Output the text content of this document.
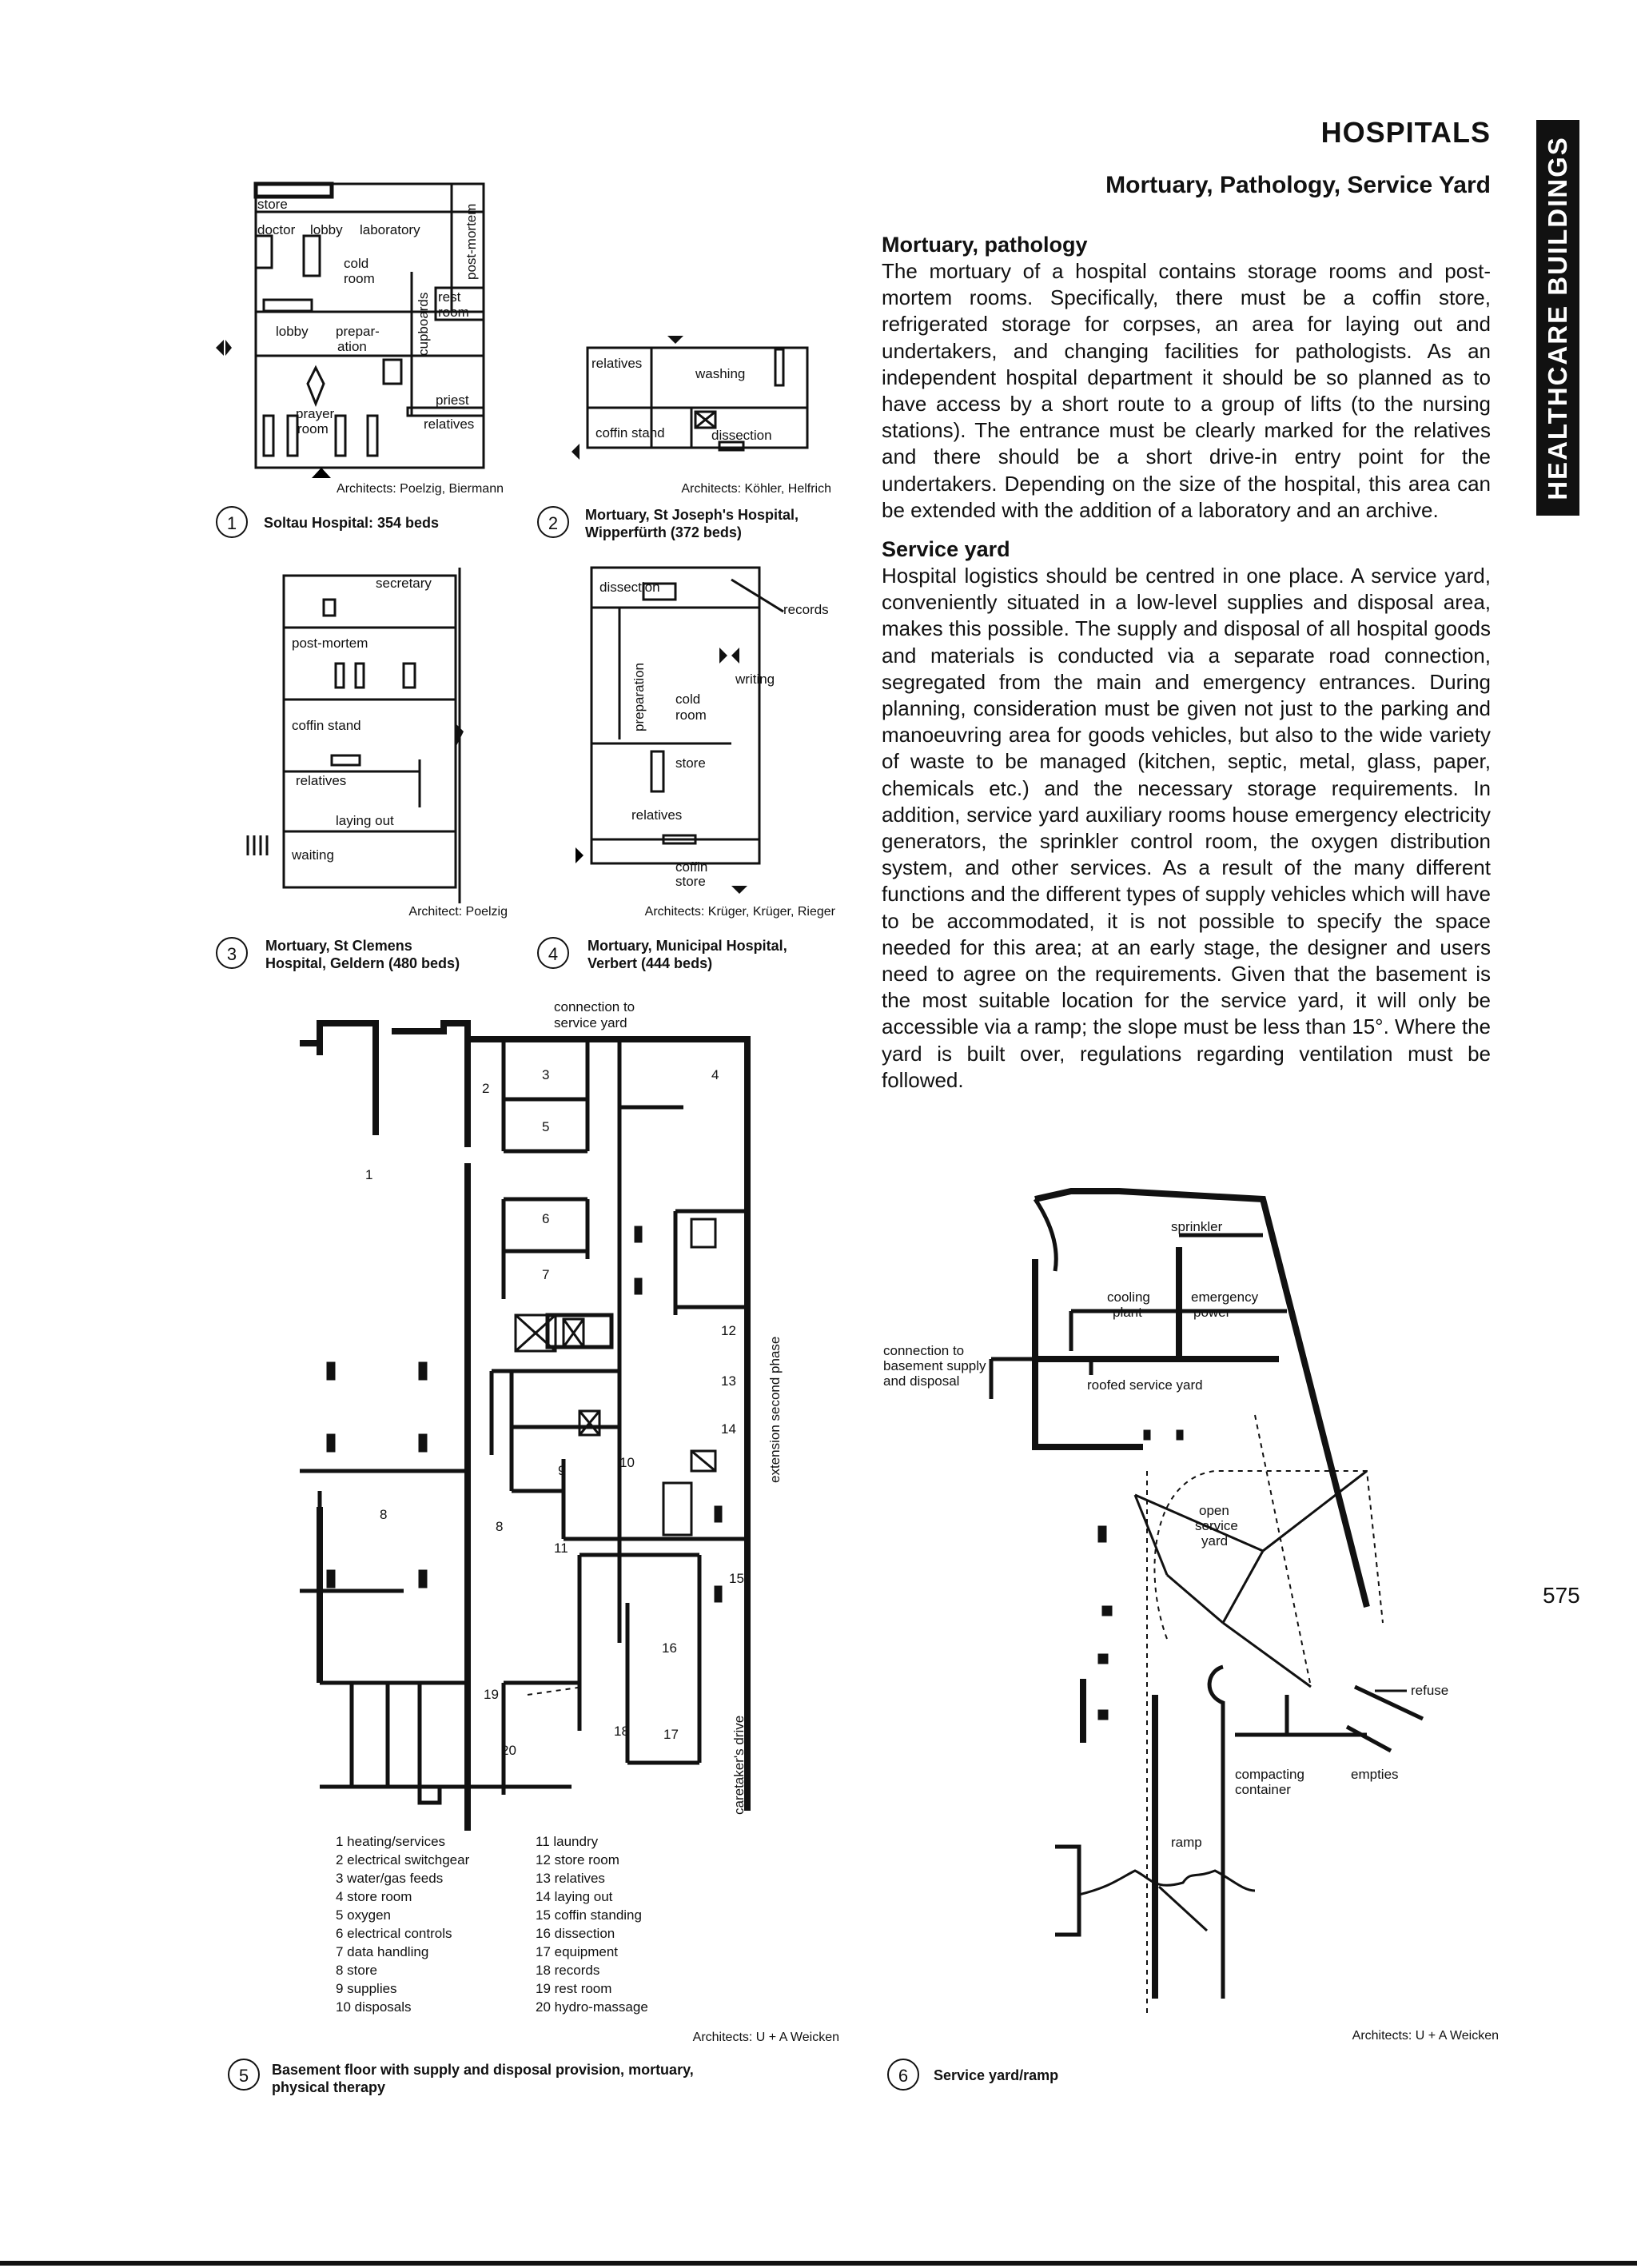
HOSPITALS
Mortuary, Pathology, Service Yard HEALTHCARE BUILDINGS
Mortuary, pathology

The mortuary of a hospital contains storage rooms and post-mortem rooms. Specifically, there must be a coffin store, refrigerated storage for corpses, an area for laying out and undertakers, and changing facilities for pathologists. As an independent hospital department it should be so planned as to have access by a short route to a group of lifts (to the nursing stations). The entrance must be clearly marked for the relatives and there should be a short drive-in entry point for the undertakers. Depending on the size of the hospital, this area can be extended with the addition of a laboratory and an archive.

Service yard

Hospital logistics should be centred in one place. A service yard, conveniently situated in a low-level supplies and disposal area, makes this possible. The supply and disposal of all hospital goods and materials is conducted via a separate road connection, segregated from the main and emergency entrances. During planning, consideration must be given not just to the parking and manoeuvring area for goods vehicles, but also to the wide variety of waste to be managed (kitchen, septic, metal, glass, paper, chemicals etc.) and the necessary storage requirements. In addition, service yard auxiliary rooms house emergency electricity generators, the sprinkler control room, the oxygen distribution system, and other services. As a result of the many different functions and the different types of supply vehicles which will have to be accommodated, it is not possible to specify the space needed for this area; at an early stage, the designer and users need to agree on the requirements. Given that the basement is the most suitable location for the service yard, it will only be accessible via a ramp; the slope must be less than 15°. Where the yard is built over, regulations regarding ventilation must be followed.

store
doctor lobby laboratory	post-mortem
cold
room
cupboards rest
room
lobby prepar-
ation
priest
prayer
room	relatives
Architects: Poelzig, Biermann
1	Soltau Hospital: 354 beds
relatives
washing
coffin stand	dissection
Architects: Köhler, Helfrich
2	Mortuary, St Joseph's Hospital,
Wipperfürth (372 beds)
secretary
post-mortem
coffin stand
relatives
laying out
waiting
Architect: Poelzig
3	Mortuary, St Clemens
Hospital, Geldern (480 beds)
dissection
records
preparation	writing
cold
room
store
relatives
coffin
store
Architects: Krüger, Krüger, Rieger
4	Mortuary, Municipal Hospital,
Verbert (444 beds)
connection to
service yard
extension second phase
caretaker's drive
1
2
3	4
5
6
7
8
8
9
10
11
12
13
14
15
16
17
18
19
20
1 heating/services
2 electrical switchgear
3 water/gas feeds
4 store room
5 oxygen
6 electrical controls
7 data handling
8 store
9 supplies
10 disposals
11 laundry
12 store room
13 relatives
14 laying out
15 coffin standing
16 dissection
17 equipment
18 records
19 rest room
20 hydro-massage
Architects: U + A Weicken
5	Basement floor with supply and disposal provision, mortuary,
physical therapy
sprinkler
cooling
plant
emergency
power
connection to
basement supply
and disposal	roofed service yard
open
service
yard
refuse
compacting
container
empties
ramp
Architects: U + A Weicken
6	Service yard/ramp
575
